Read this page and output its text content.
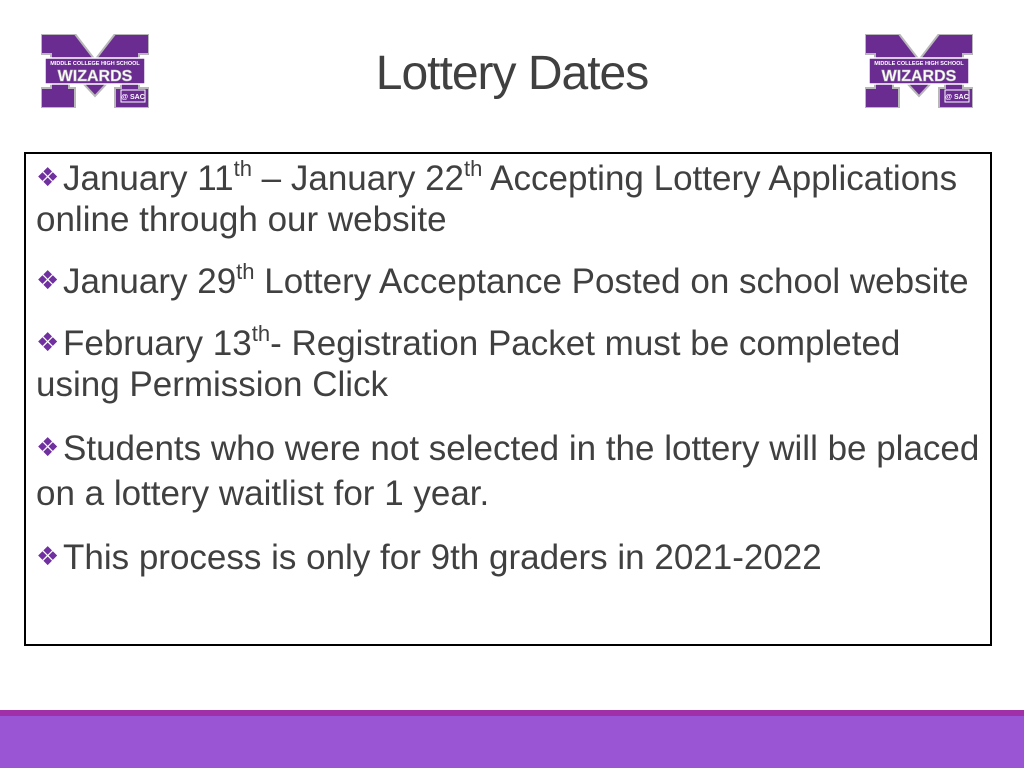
MIDDLE COLLEGE HIGH SCHOOL
WIZARDS
@ SAC	Lottery Dates	MIDDLE COLLEGE HIGH SCHOOL
WIZARDS
@ SAC
❖ January 11th – January 22th Accepting Lottery Applications online through our website
❖ January 29th Lottery Acceptance Posted on school website
❖ February 13th- Registration Packet must be completed using Permission Click
❖ Students who were not selected in the lottery will be placed on a lottery waitlist for 1 year.
❖ This process is only for 9th graders in 2021-2022
